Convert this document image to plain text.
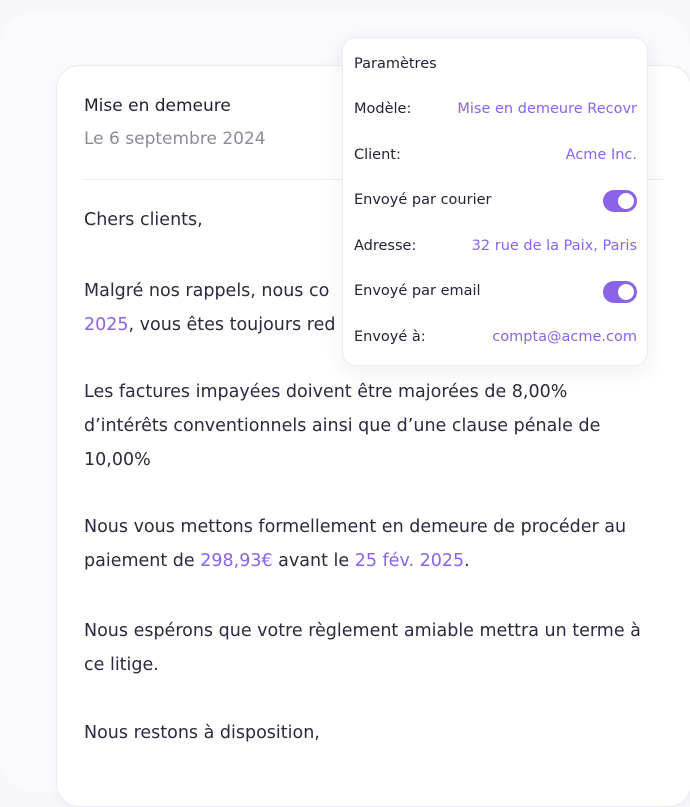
Mise en demeure
Le 6 septembre 2024

Chers clients,

Malgré nos rappels, nous co
2025, vous êtes toujours red

Les factures impayées doivent être majorées de 8,00% d’intérêts conventionnels ainsi que d’une clause pénale de 10,00%

Nous vous mettons formellement en demeure de procéder au paiement de 298,93€ avant le 25 fév. 2025.

Nous espérons que votre règlement amiable mettra un terme à ce litige.

Nous restons à disposition,

Paramètres
Modèle:	Mise en demeure Recovr
Client:	Acme Inc.
Envoyé par courier
Adresse:	32 rue de la Paix, Paris
Envoyé par email
Envoyé à:	compta@acme.com
